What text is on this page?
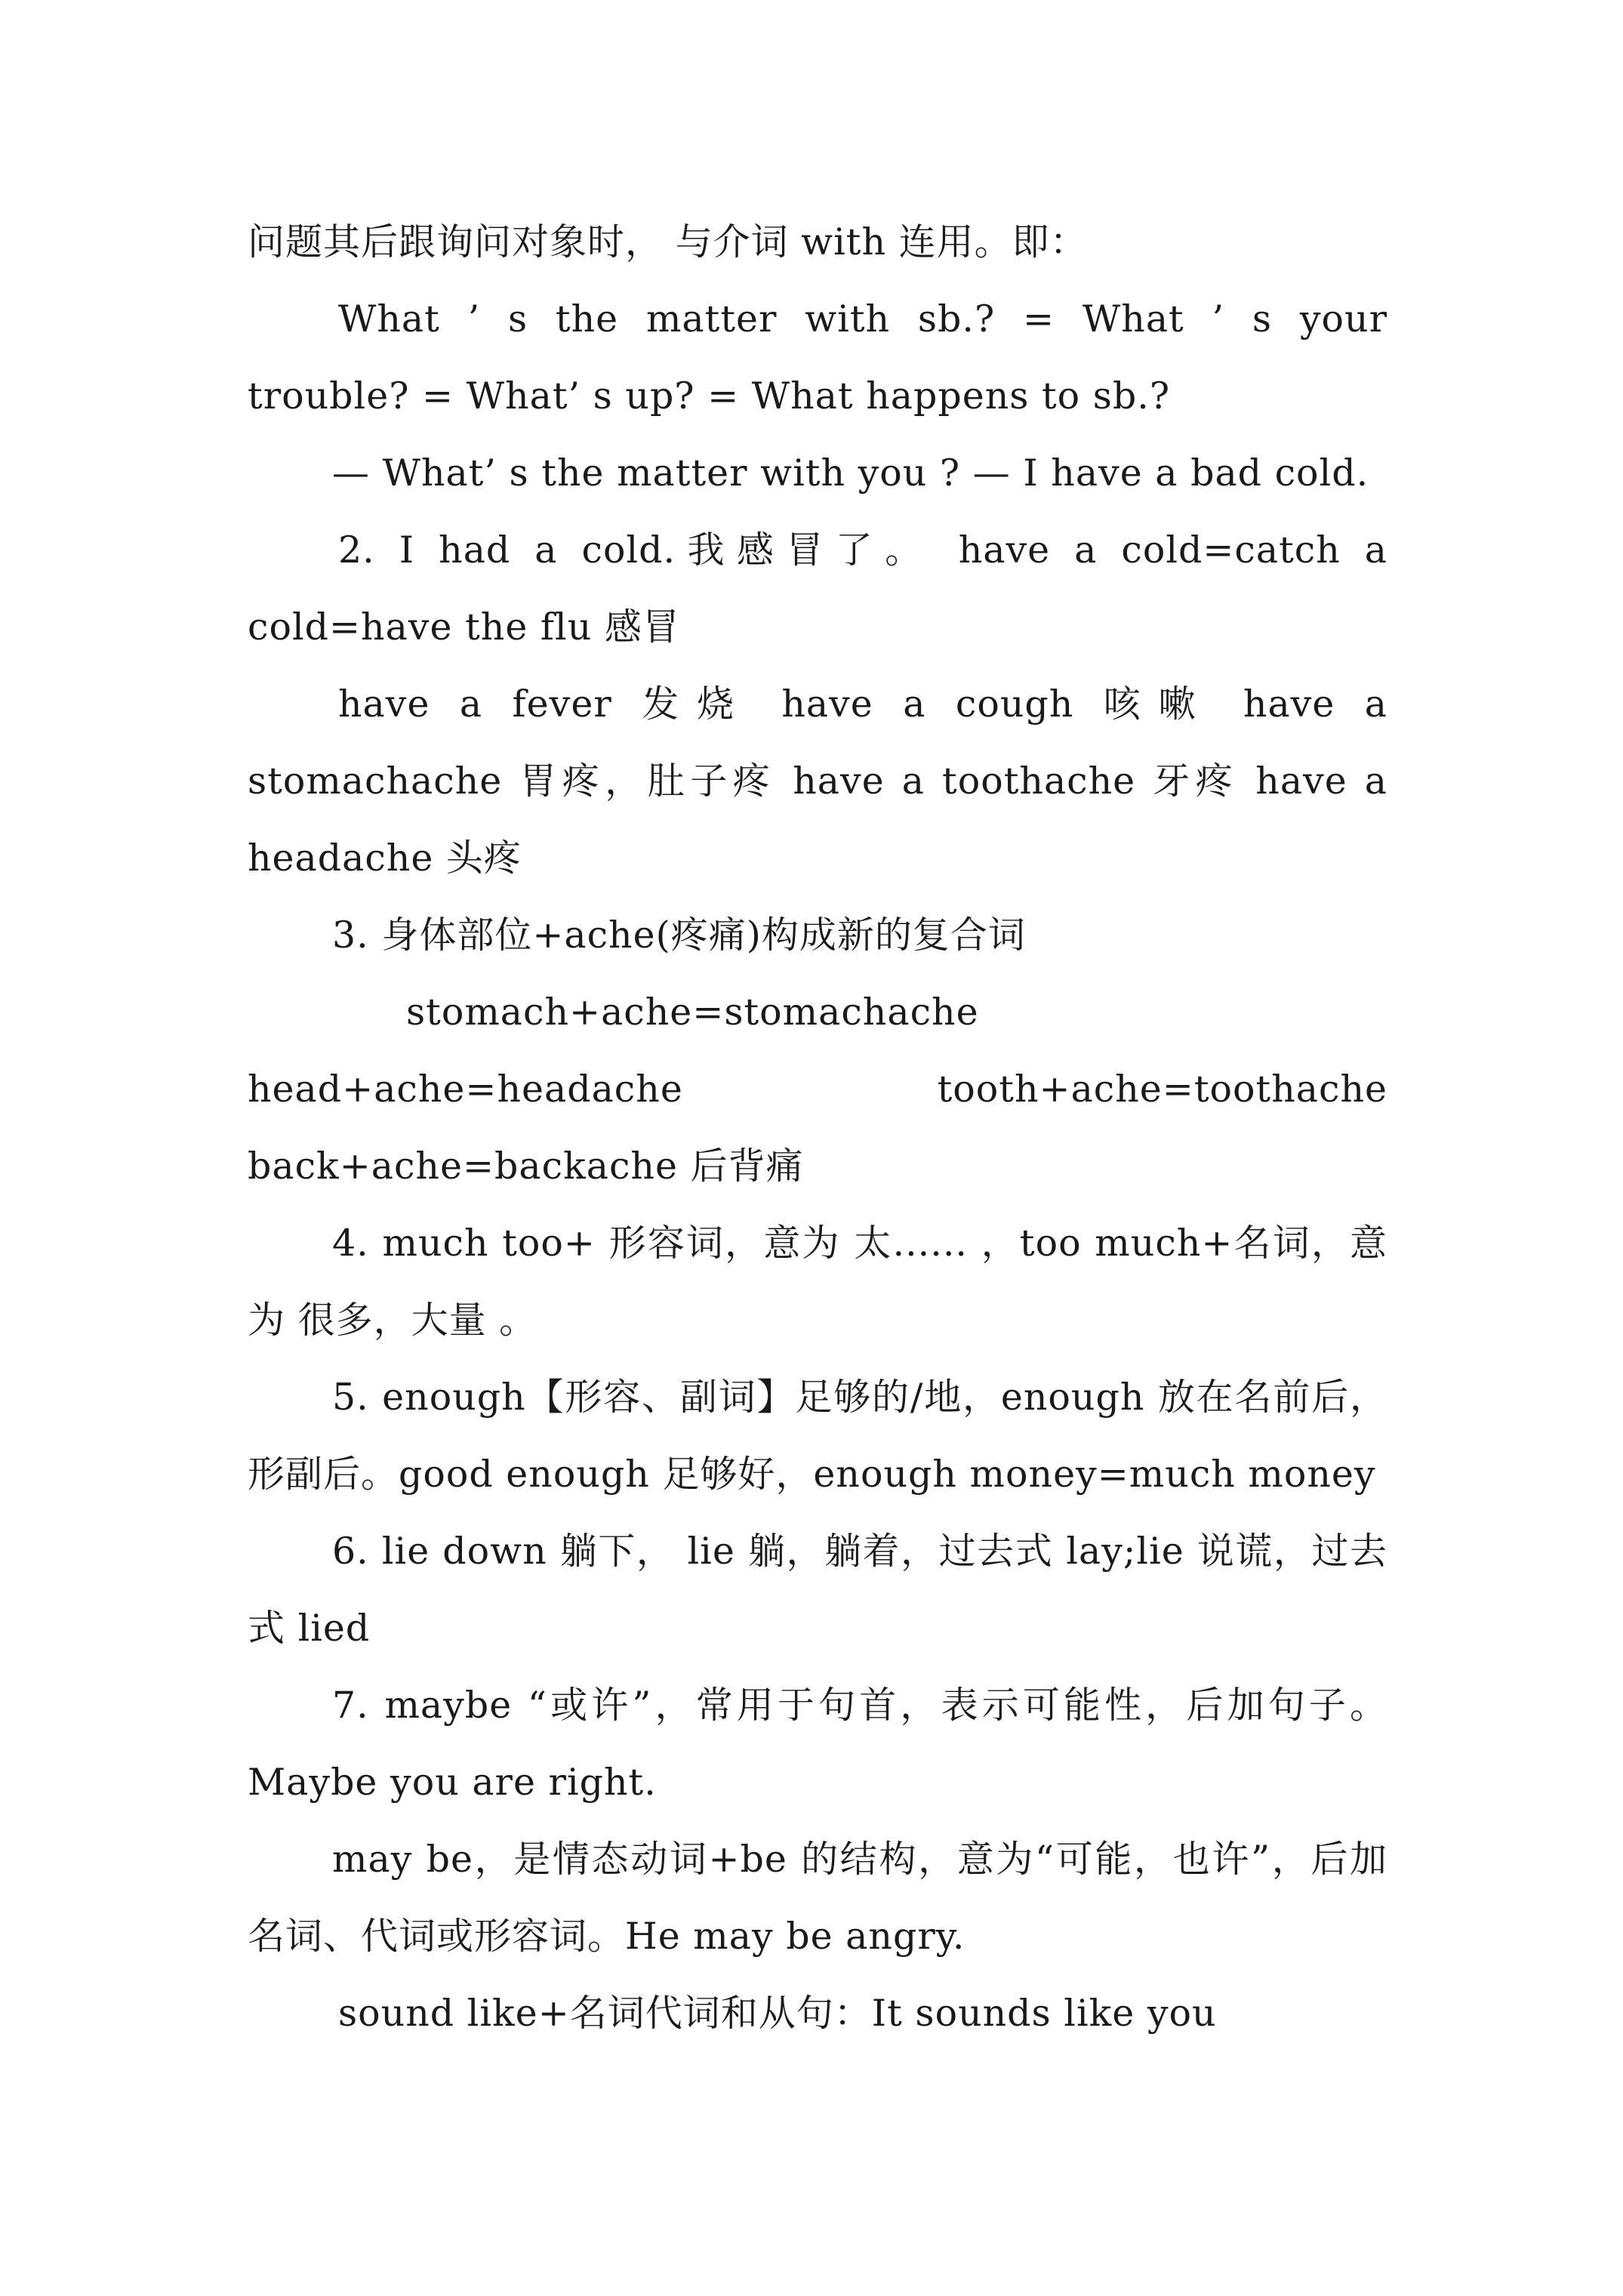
问题其后跟询问对象时， 与介词 with 连用。即：

What ’ s the matter with sb.? = What ’ s your trouble? = What’ s up? = What happens to sb.?

— What’ s the matter with you ? — I have a bad cold.

2. I had a cold.我感冒了。 have a cold=catch a cold=have the flu 感冒

have a fever 发烧 have a cough 咳嗽 have a stomachache 胃疼，肚子疼 have a toothache 牙疼 have a headache 头疼

3. 身体部位+ache(疼痛)构成新的复合词

stomach+ache=stomachache head+ache=headache tooth+ache=toothache back+ache=backache 后背痛

4. much too+ 形容词，意为 太...... ，too much+名词，意为 很多，大量 。

5. enough【形容、副词】足够的/地，enough 放在名前后，形副后。good enough 足够好，enough money=much money

6. lie down 躺下， lie 躺，躺着，过去式 lay;lie 说谎，过去式 lied

7. maybe “或许”，常用于句首，表示可能性，后加句子。Maybe you are right.

may be，是情态动词+be 的结构，意为“可能，也许”，后加名词、代词或形容词。He may be angry.

sound like+名词代词和从句：It sounds like you
